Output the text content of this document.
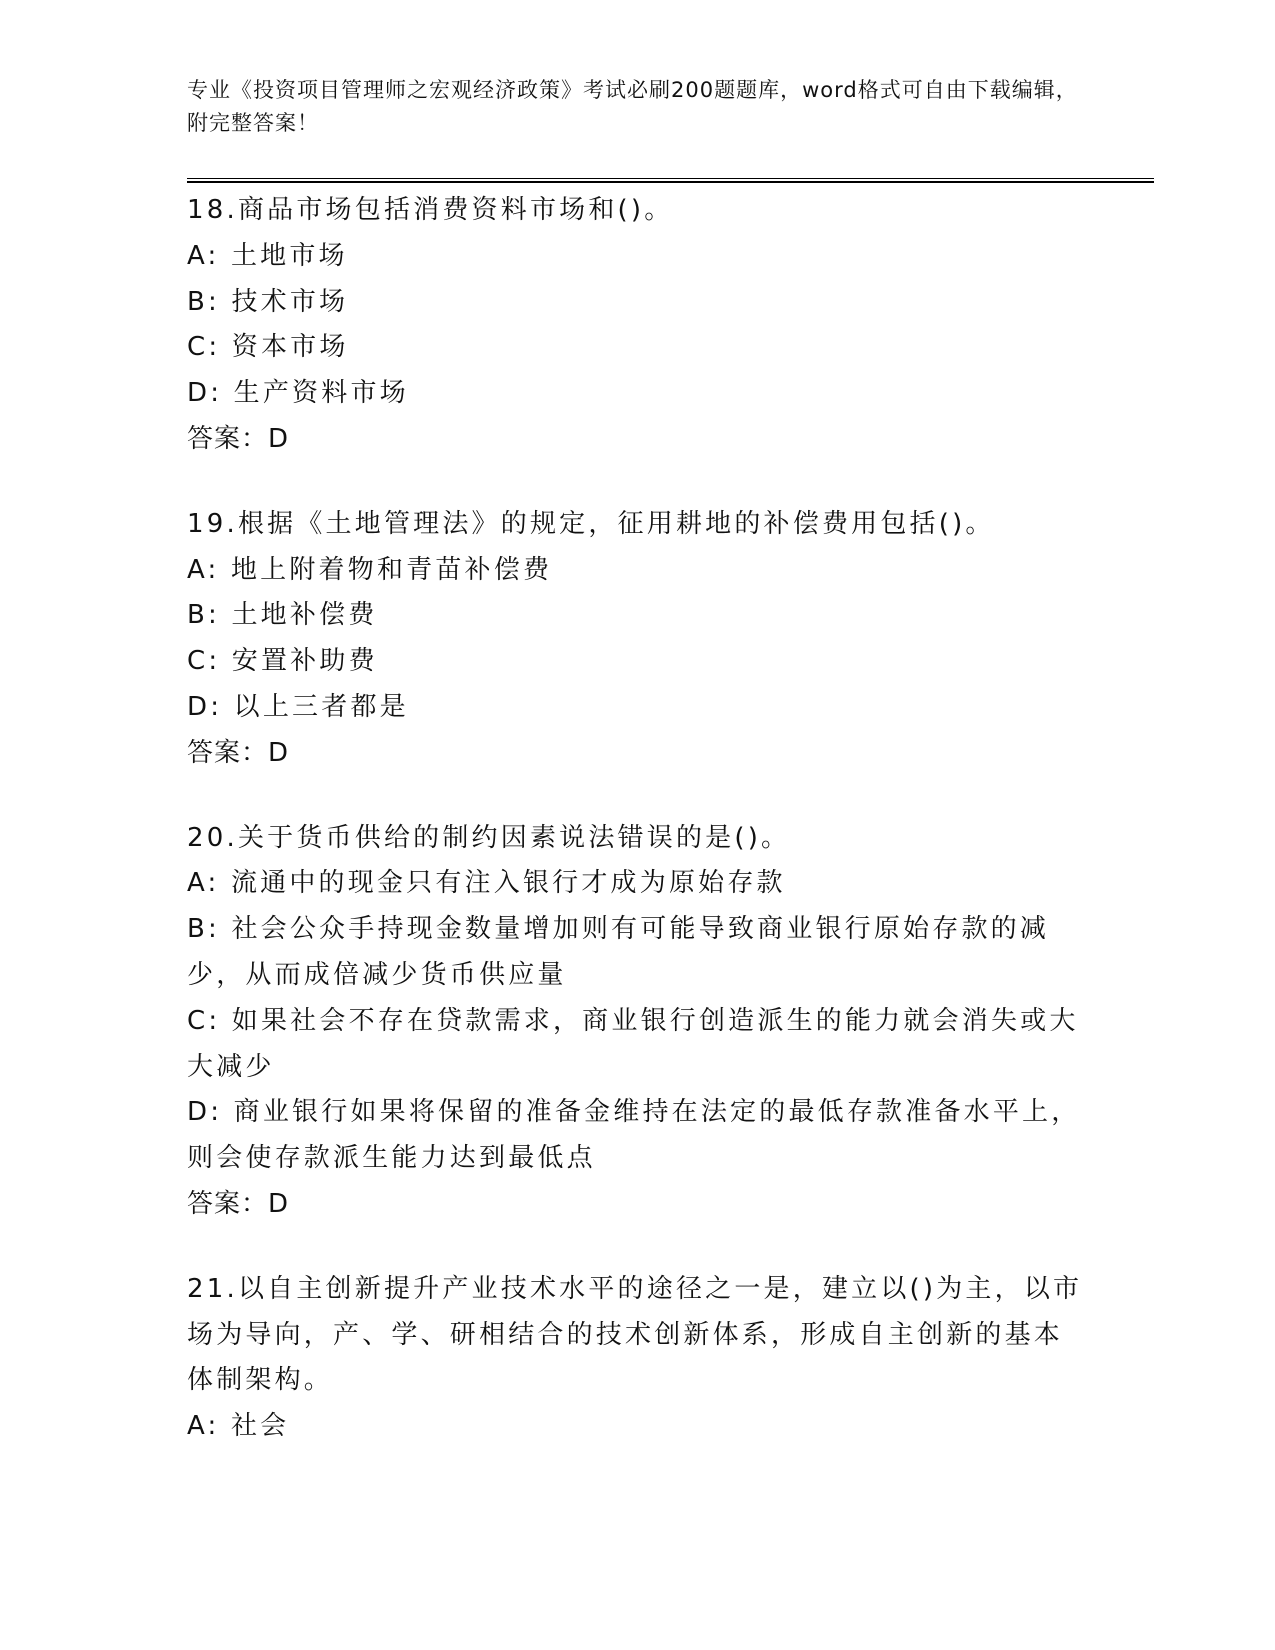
专业《投资项目管理师之宏观经济政策》考试必刷200题题库，word格式可自由下载编辑，附完整答案！

18.商品市场包括消费资料市场和()。

A: 土地市场

B: 技术市场

C: 资本市场

D: 生产资料市场

答案：D

19.根据《土地管理法》的规定，征用耕地的补偿费用包括()。

A: 地上附着物和青苗补偿费

B: 土地补偿费

C: 安置补助费

D: 以上三者都是

答案：D

20.关于货币供给的制约因素说法错误的是()。

A: 流通中的现金只有注入银行才成为原始存款

B: 社会公众手持现金数量增加则有可能导致商业银行原始存款的减少，从而成倍减少货币供应量

C: 如果社会不存在贷款需求，商业银行创造派生的能力就会消失或大大减少

D: 商业银行如果将保留的准备金维持在法定的最低存款准备水平上，则会使存款派生能力达到最低点

答案：D

21.以自主创新提升产业技术水平的途径之一是，建立以()为主，以市场为导向，产、学、研相结合的技术创新体系，形成自主创新的基本体制架构。

A: 社会
